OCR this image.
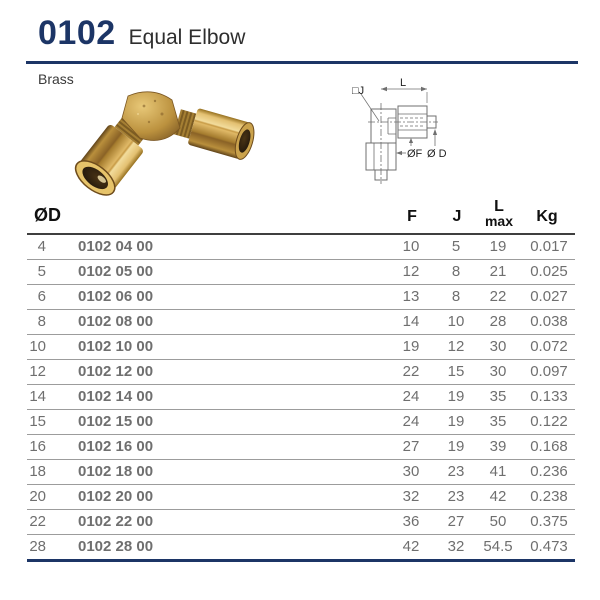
0102 Equal Elbow
Brass
□J
L
ØF Ø D
ØD	F	J
L
max	Kg
4 0102 04 00	10	5	19	0.017
5 0102 05 00	12	8	21	0.025
6 0102 06 00	13	8	22	0.027
8 0102 08 00	14	10	28	0.038
10 0102 10 00	19	12	30	0.072
12 0102 12 00	22	15	30	0.097
14 0102 14 00	24	19	35	0.133
15 0102 15 00	24	19	35	0.122
16 0102 16 00	27	19	39	0.168
18 0102 18 00	30	23	41	0.236
20 0102 20 00	32	23	42	0.238
22 0102 22 00	36	27	50	0.375
28 0102 28 00	42	32	54.5	0.473
